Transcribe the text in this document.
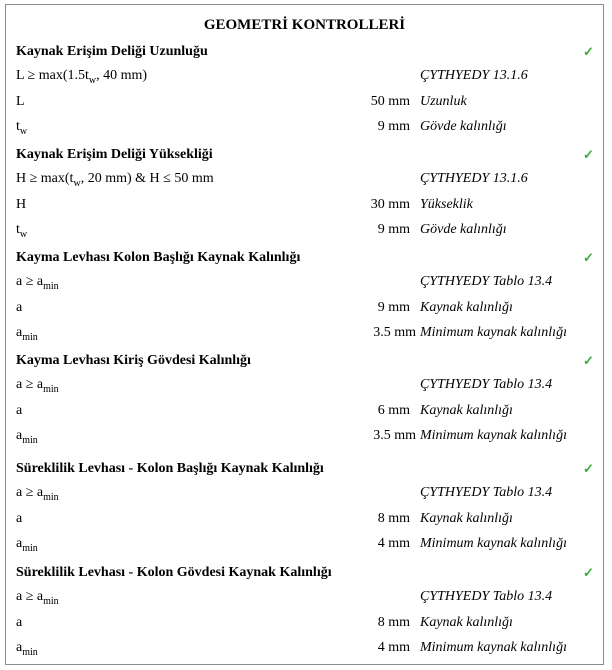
GEOMETRİ KONTROLLERİ
Kaynak Erişim Deliği Uzunluğu	✓
$L \ge \max(1.5t_w$, 40 mm)	ÇYTHYEDY 13.1.6
L	50 mm Uzunluk
$t_w$	9 mm Gövde kalınlığı
Kaynak Erişim Deliği Yüksekliği	✓
$H \ge \max(t_w$, 20 mm) & H ≤ 50 mm	ÇYTHYEDY 13.1.6
H	30 mm Yükseklik
$t_w$	9 mm Gövde kalınlığı
Kayma Levhası Kolon Başlığı Kaynak Kalınlığı	✓
$a \ge a_{min}$	ÇYTHYEDY Tablo 13.4
a	9 mm Kaynak kalınlığı
$a_{min}$	3.5 mm Minimum kaynak kalınlığı
Kayma Levhası Kiriş Gövdesi Kalınlığı	✓
$a \ge a_{min}$	ÇYTHYEDY Tablo 13.4
a	6 mm Kaynak kalınlığı
$a_{min}$	3.5 mm Minimum kaynak kalınlığı
Süreklilik Levhası - Kolon Başlığı Kaynak Kalınlığı	✓
$a \ge a_{min}$	ÇYTHYEDY Tablo 13.4
a	8 mm Kaynak kalınlığı
$a_{min}$	4 mm Minimum kaynak kalınlığı
Süreklilik Levhası - Kolon Gövdesi Kaynak Kalınlığı	✓
$a \ge a_{min}$	ÇYTHYEDY Tablo 13.4
a	8 mm Kaynak kalınlığı
$a_{min}$	4 mm Minimum kaynak kalınlığı
